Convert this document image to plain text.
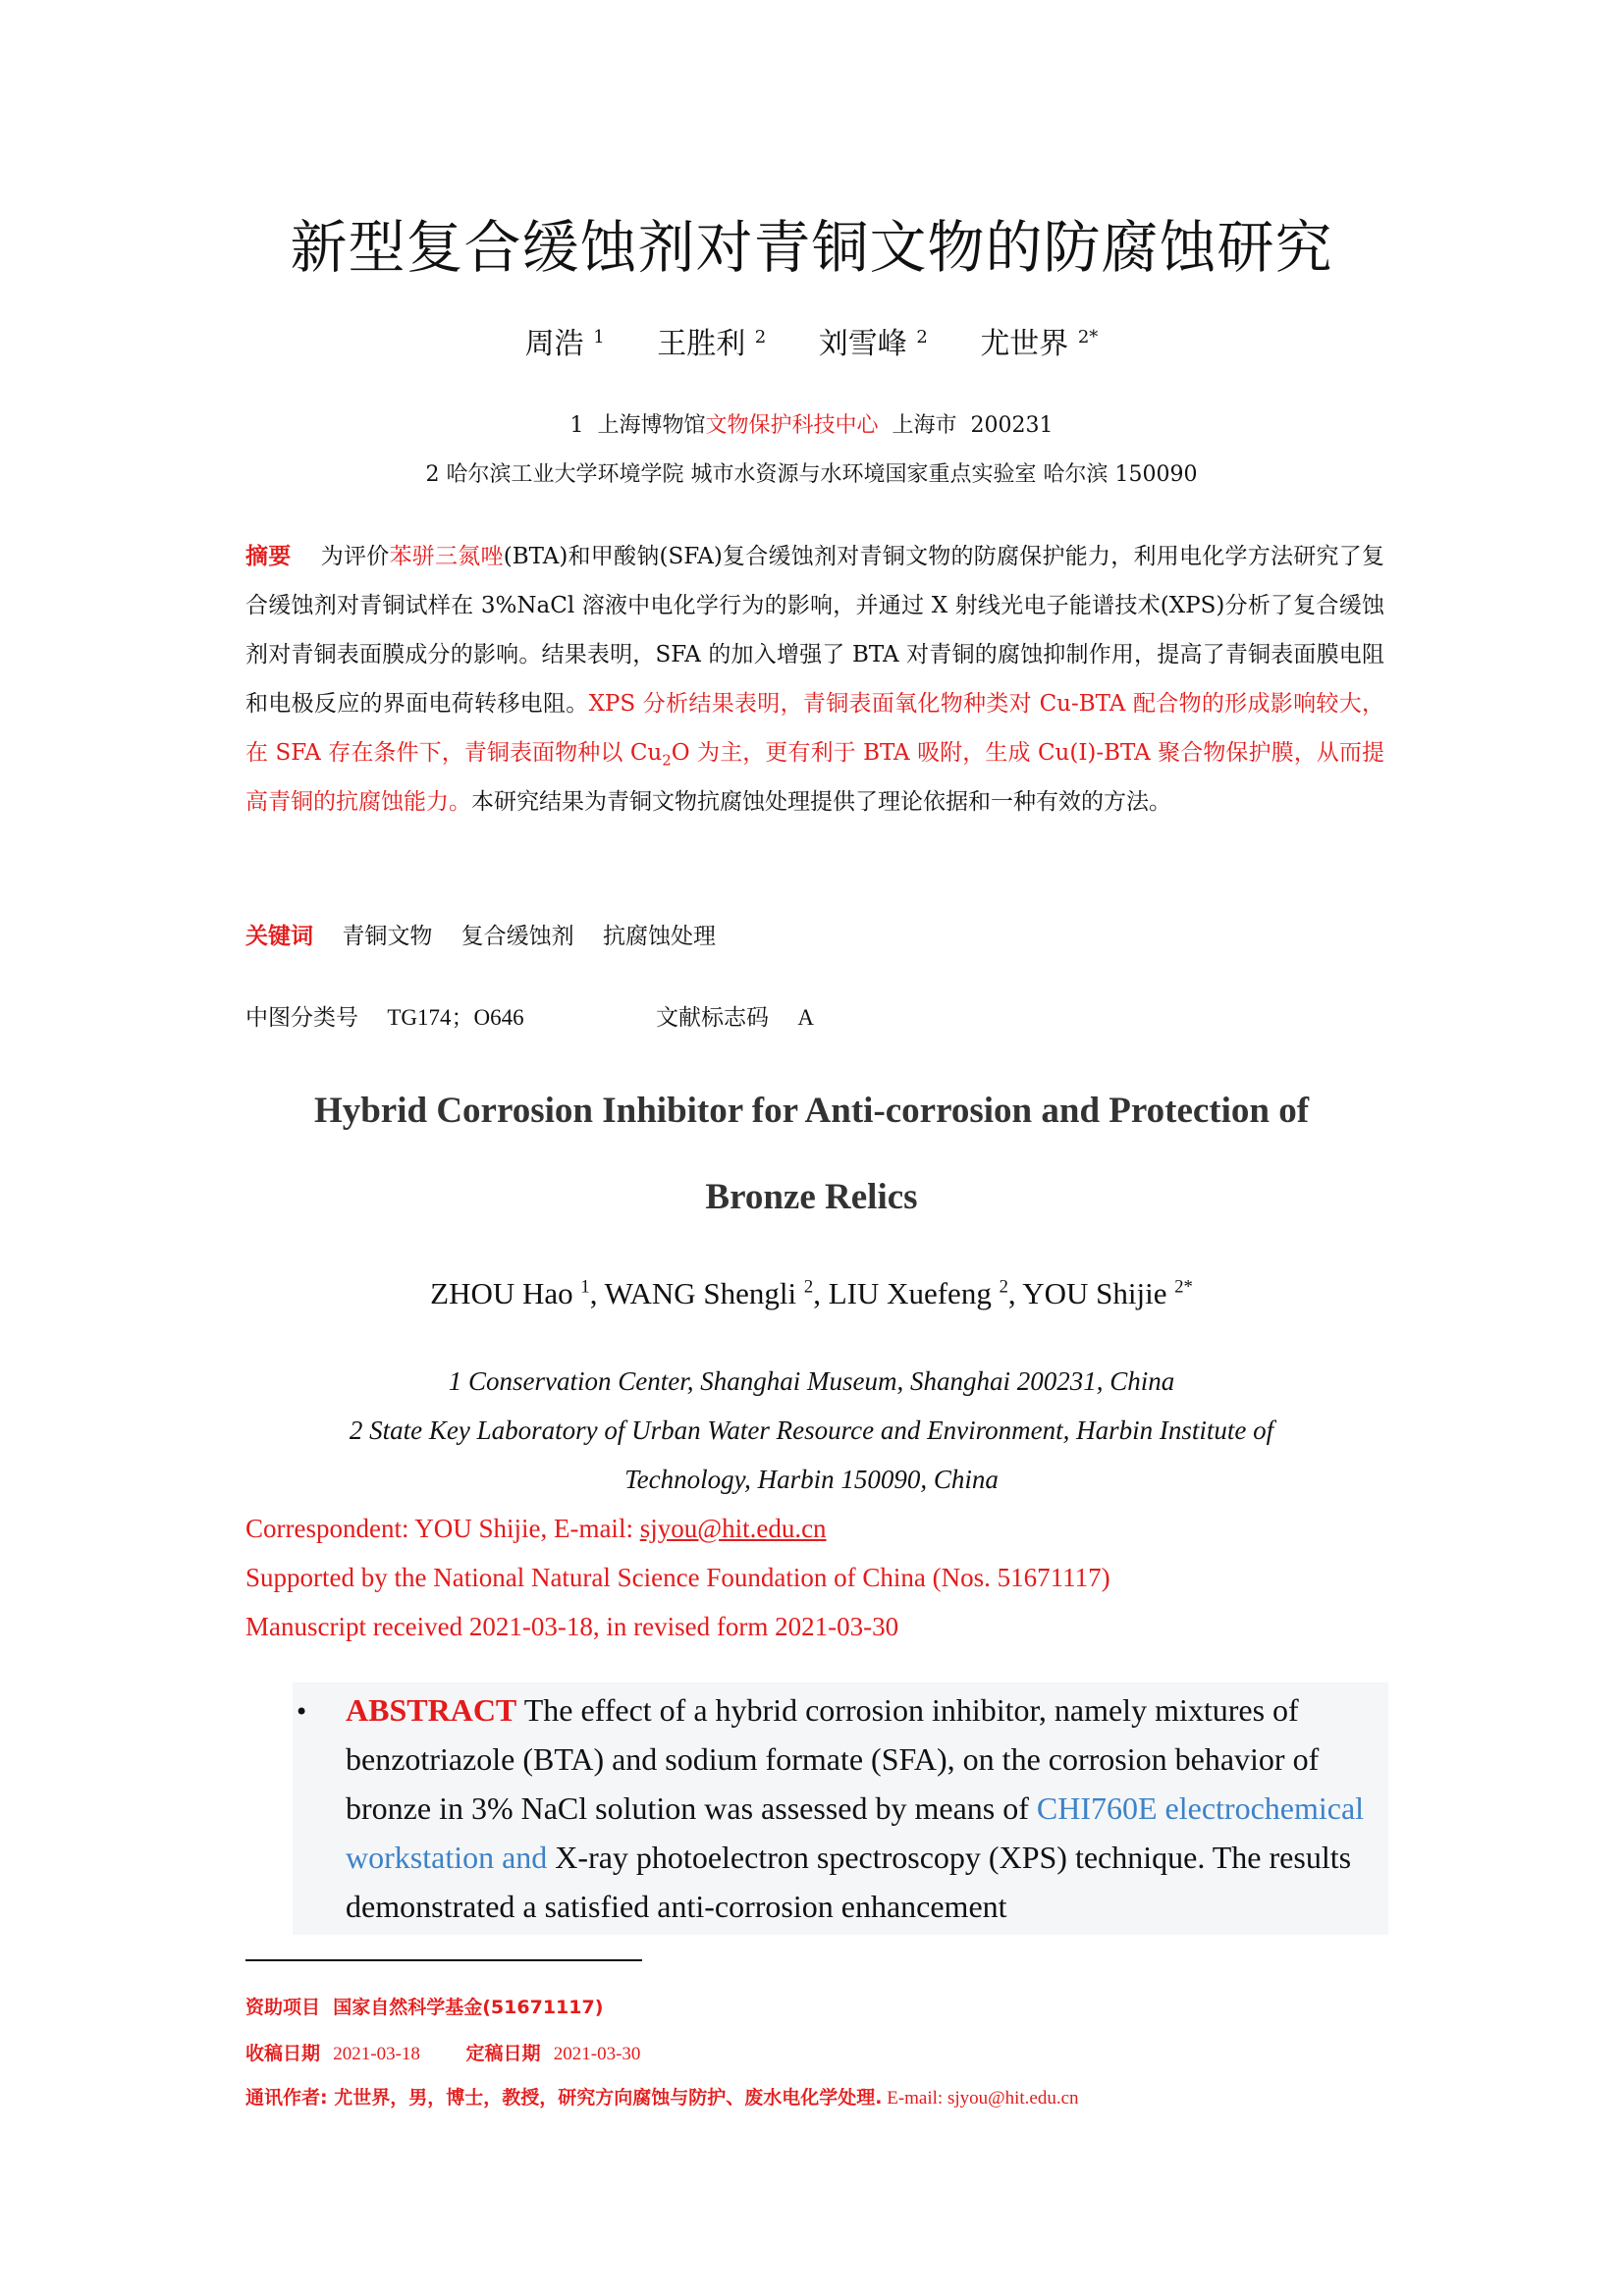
新型复合缓蚀剂对青铜文物的防腐蚀研究
周浩 $^1$ 王胜利 $^2$ 刘雪峰 $^2$ 尤世界 $^{2*}$
1  上海博物馆文物保护科技中心  上海市  200231
2 哈尔滨工业大学环境学院 城市水资源与水环境国家重点实验室 哈尔滨 150090
摘要 为评价苯骈三氮唑(BTA)和甲酸钠(SFA)复合缓蚀剂对青铜文物的防腐保护能力，利用电化学方法研究了复合缓蚀剂对青铜试样在 3%NaCl 溶液中电化学行为的影响，并通过 X 射线光电子能谱技术(XPS)分析了复合缓蚀剂对青铜表面膜成分的影响。结果表明，SFA 的加入增强了 BTA 对青铜的腐蚀抑制作用，提高了青铜表面膜电阻和电极反应的界面电荷转移电阻。XPS 分析结果表明，青铜表面氧化物种类对 Cu-BTA 配合物的形成影响较大，在 SFA 存在条件下，青铜表面物种以 $Cu_2O$ 为主，更有利于 BTA 吸附，生成 Cu(I)-BTA 聚合物保护膜，从而提高青铜的抗腐蚀能力。本研究结果为青铜文物抗腐蚀处理提供了理论依据和一种有效的方法。
关键词 青铜文物 复合缓蚀剂 抗腐蚀处理
中图分类号 TG174；O646	文献标志码 A
Hybrid Corrosion Inhibitor for Anti-corrosion and Protection of
Bronze Relics
ZHOU Hao $^1$, WANG Shengli $^2$, LIU Xuefeng $^2$, YOU Shijie $^{2*}$
1 Conservation Center, Shanghai Museum, Shanghai 200231, China
2 State Key Laboratory of Urban Water Resource and Environment, Harbin Institute of
Technology, Harbin 150090, China
Correspondent: YOU Shijie, E-mail: sjyou@hit.edu.cn
Supported by the National Natural Science Foundation of China (Nos. 51671117)
Manuscript received 2021-03-18, in revised form 2021-03-30
• ABSTRACT The effect of a hybrid corrosion inhibitor, namely mixtures of benzotriazole (BTA) and sodium formate (SFA), on the corrosion behavior of bronze in 3% NaCl solution was assessed by means of CHI760E electrochemical workstation and X-ray photoelectron spectroscopy (XPS) technique. The results demonstrated a satisfied anti-corrosion enhancement
资助项目 国家自然科学基金(51671117)
收稿日期 2021-03-18 定稿日期 2021-03-30
通讯作者: 尤世界，男，博士，教授，研究方向腐蚀与防护、废水电化学处理. E-mail: sjyou@hit.edu.cn
